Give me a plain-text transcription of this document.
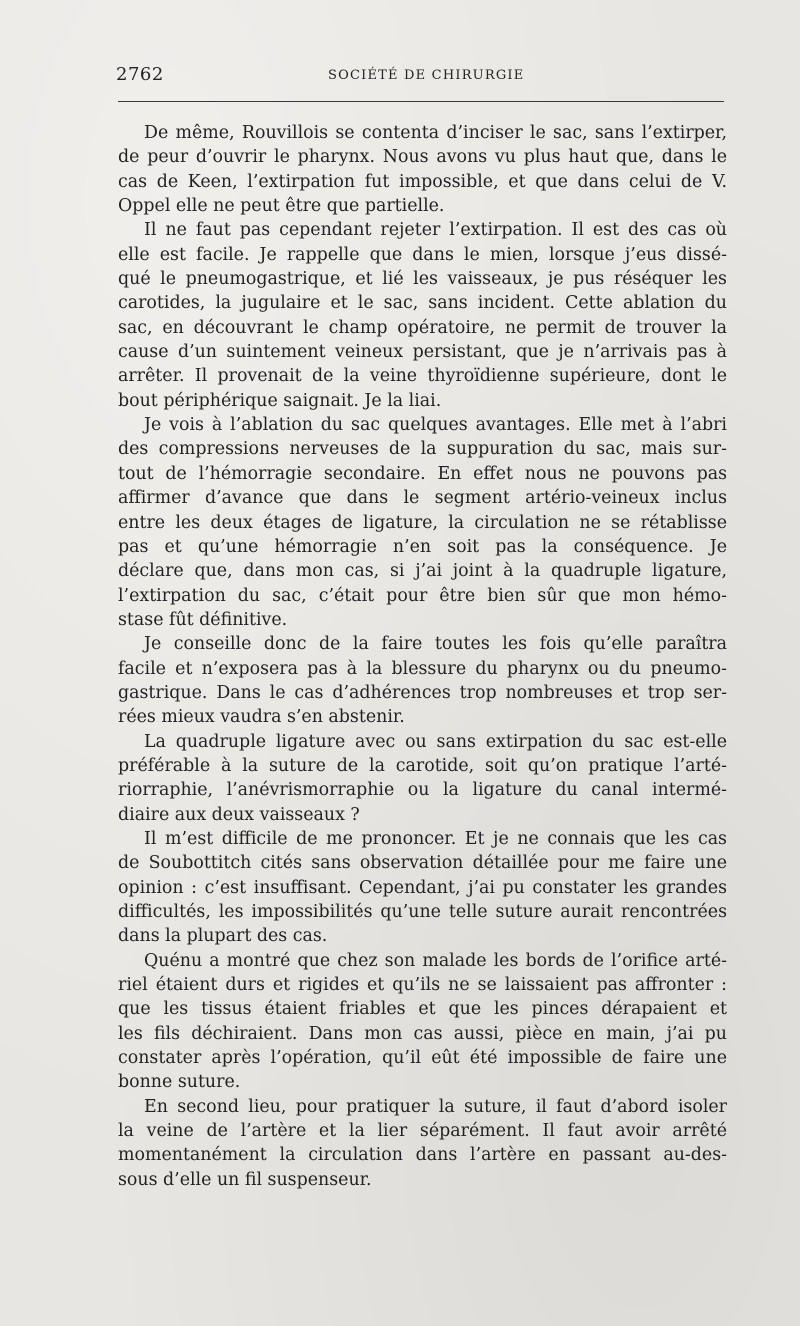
2762	SOCIÉTÉ DE CHIRURGIE
De même, Rouvillois se contenta d’inciser le sac, sans l’extirper,
de peur d’ouvrir le pharynx. Nous avons vu plus haut que, dans le
cas de Keen, l’extirpation fut impossible, et que dans celui de V.
Oppel elle ne peut être que partielle.
Il ne faut pas cependant rejeter l’extirpation. Il est des cas où
elle est facile. Je rappelle que dans le mien, lorsque j’eus dissé-
qué le pneumogastrique, et lié les vaisseaux, je pus réséquer les
carotides, la jugulaire et le sac, sans incident. Cette ablation du
sac, en découvrant le champ opératoire, ne permit de trouver la
cause d’un suintement veineux persistant, que je n’arrivais pas à
arrêter. Il provenait de la veine thyroïdienne supérieure, dont le
bout périphérique saignait. Je la liai.
Je vois à l’ablation du sac quelques avantages. Elle met à l’abri
des compressions nerveuses de la suppuration du sac, mais sur-
tout de l’hémorragie secondaire. En effet nous ne pouvons pas
affirmer d’avance que dans le segment artério-veineux inclus
entre les deux étages de ligature, la circulation ne se rétablisse
pas et qu’une hémorragie n’en soit pas la conséquence. Je
déclare que, dans mon cas, si j’ai joint à la quadruple ligature,
l’extirpation du sac, c’était pour être bien sûr que mon hémo-
stase fût définitive.
Je conseille donc de la faire toutes les fois qu’elle paraîtra
facile et n’exposera pas à la blessure du pharynx ou du pneumo-
gastrique. Dans le cas d’adhérences trop nombreuses et trop ser-
rées mieux vaudra s’en abstenir.
La quadruple ligature avec ou sans extirpation du sac est-elle
préférable à la suture de la carotide, soit qu’on pratique l’arté-
riorraphie, l’anévrismorraphie ou la ligature du canal intermé-
diaire aux deux vaisseaux ?
Il m’est difficile de me prononcer. Et je ne connais que les cas
de Soubottitch cités sans observation détaillée pour me faire une
opinion : c’est insuffisant. Cependant, j’ai pu constater les grandes
difficultés, les impossibilités qu’une telle suture aurait rencontrées
dans la plupart des cas.
Quénu a montré que chez son malade les bords de l’orifice arté-
riel étaient durs et rigides et qu’ils ne se laissaient pas affronter :
que les tissus étaient friables et que les pinces dérapaient et
les fils déchiraient. Dans mon cas aussi, pièce en main, j’ai pu
constater après l’opération, qu’il eût été impossible de faire une
bonne suture.
En second lieu, pour pratiquer la suture, il faut d’abord isoler
la veine de l’artère et la lier séparément. Il faut avoir arrêté
momentanément la circulation dans l’artère en passant au-des-
sous d’elle un fil suspenseur.
